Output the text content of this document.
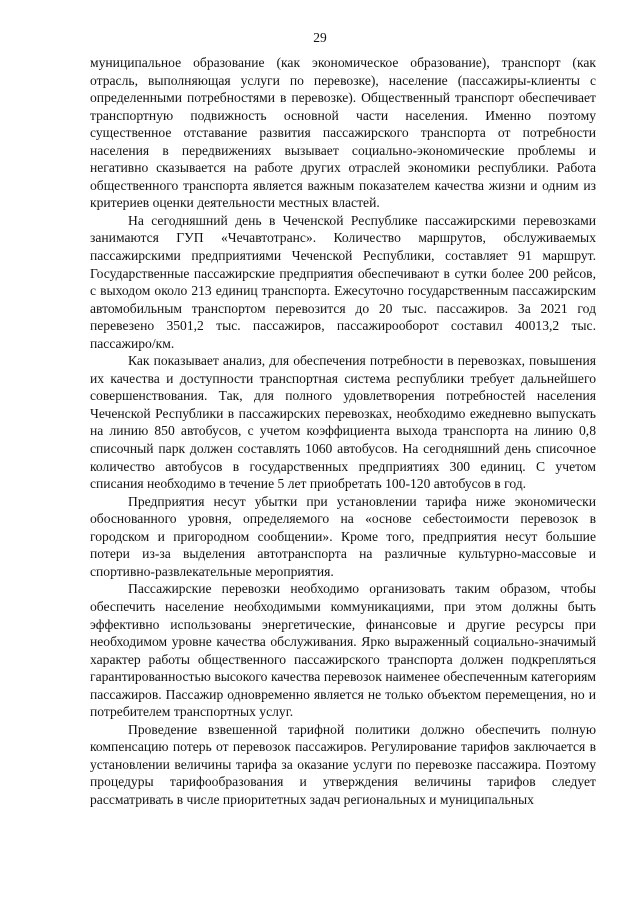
29

муниципальное образование (как экономическое образование), транспорт (как отрасль, выполняющая услуги по перевозке), население (пассажиры-клиенты с определенными потребностями в перевозке). Общественный транспорт обеспечивает транспортную подвижность основной части населения. Именно поэтому существенное отставание развития пассажирского транспорта от потребности населения в передвижениях вызывает социально-экономические проблемы и негативно сказывается на работе других отраслей экономики республики. Работа общественного транспорта является важным показателем качества жизни и одним из критериев оценки деятельности местных властей.

На сегодняшний день в Чеченской Республике пассажирскими перевозками занимаются ГУП «Чечавтотранс». Количество маршрутов, обслуживаемых пассажирскими предприятиями Чеченской Республики, составляет 91 маршрут. Государственные пассажирские предприятия обеспечивают в сутки более 200 рейсов, с выходом около 213 единиц транспорта. Ежесуточно государственным пассажирским автомобильным транспортом перевозится до 20 тыс. пассажиров. За 2021 год перевезено 3501,2 тыс. пассажиров, пассажирооборот составил 40013,2 тыс. пассажиро/км.

Как показывает анализ, для обеспечения потребности в перевозках, повышения их качества и доступности транспортная система республики требует дальнейшего совершенствования. Так, для полного удовлетворения потребностей населения Чеченской Республики в пассажирских перевозках, необходимо ежедневно выпускать на линию 850 автобусов, с учетом коэффициента выхода транспорта на линию 0,8 списочный парк должен составлять 1060 автобусов. На сегодняшний день списочное количество автобусов в государственных предприятиях 300 единиц. С учетом списания необходимо в течение 5 лет приобретать 100-120 автобусов в год.

Предприятия несут убытки при установлении тарифа ниже экономически обоснованного уровня, определяемого на «основе себестоимости перевозок в городском и пригородном сообщении». Кроме того, предприятия несут большие потери из-за выделения автотранспорта на различные культурно-массовые и спортивно-развлекательные мероприятия.

Пассажирские перевозки необходимо организовать таким образом, чтобы обеспечить население необходимыми коммуникациями, при этом должны быть эффективно использованы энергетические, финансовые и другие ресурсы при необходимом уровне качества обслуживания. Ярко выраженный социально-значимый характер работы общественного пассажирского транспорта должен подкрепляться гарантированностью высокого качества перевозок наименее обеспеченным категориям пассажиров. Пассажир одновременно является не только объектом перемещения, но и потребителем транспортных услуг.

Проведение взвешенной тарифной политики должно обеспечить полную компенсацию потерь от перевозок пассажиров. Регулирование тарифов заключается в установлении величины тарифа за оказание услуги по перевозке пассажира. Поэтому процедуры тарифообразования и утверждения величины тарифов следует рассматривать в числе приоритетных задач региональных и муниципальных
